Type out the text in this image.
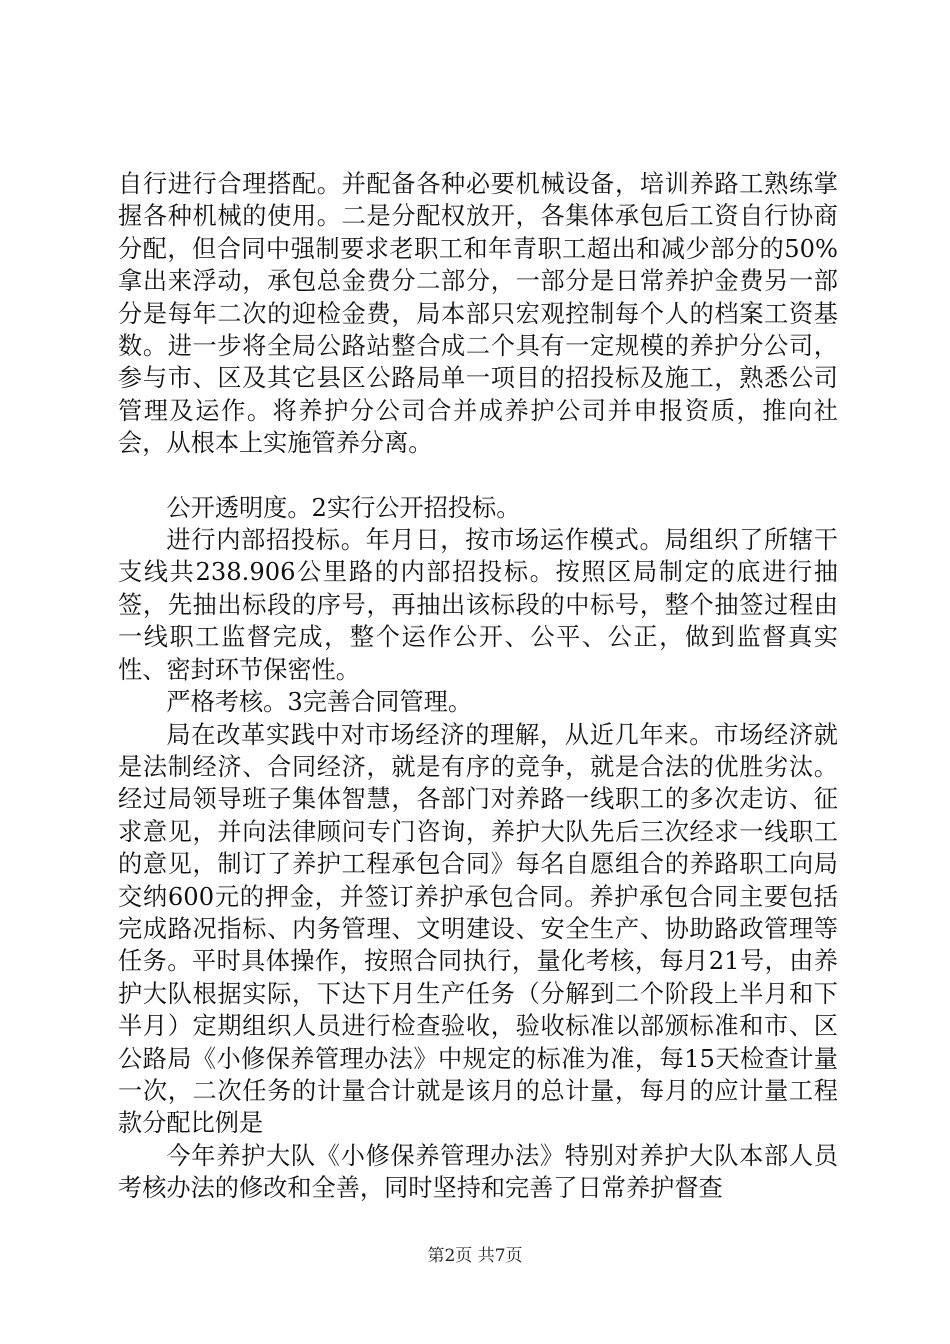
自行进行合理搭配。并配备各种必要机械设备，培训养路工熟练掌握各种机械的使用。二是分配权放开，各集体承包后工资自行协商分配，但合同中强制要求老职工和年青职工超出和减少部分的50%拿出来浮动，承包总金费分二部分，一部分是日常养护金费另一部分是每年二次的迎检金费，局本部只宏观控制每个人的档案工资基数。进一步将全局公路站整合成二个具有一定规模的养护分公司，参与市、区及其它县区公路局单一项目的招投标及施工，熟悉公司管理及运作。将养护分公司合并成养护公司并申报资质，推向社会，从根本上实施管养分离。

公开透明度。2实行公开招投标。

进行内部招投标。年月日，按市场运作模式。局组织了所辖干支线共238.906公里路的内部招投标。按照区局制定的底进行抽签，先抽出标段的序号，再抽出该标段的中标号，整个抽签过程由一线职工监督完成，整个运作公开、公平、公正，做到监督真实性、密封环节保密性。

严格考核。3完善合同管理。

局在改革实践中对市场经济的理解，从近几年来。市场经济就是法制经济、合同经济，就是有序的竞争，就是合法的优胜劣汰。经过局领导班子集体智慧，各部门对养路一线职工的多次走访、征求意见，并向法律顾问专门咨询，养护大队先后三次经求一线职工的意见，制订了养护工程承包合同》每名自愿组合的养路职工向局交纳600元的押金，并签订养护承包合同。养护承包合同主要包括完成路况指标、内务管理、文明建设、安全生产、协助路政管理等任务。平时具体操作，按照合同执行，量化考核，每月21号，由养护大队根据实际，下达下月生产任务（分解到二个阶段上半月和下半月）定期组织人员进行检查验收，验收标准以部颁标准和市、区公路局《小修保养管理办法》中规定的标准为准，每15天检查计量一次，二次任务的计量合计就是该月的总计量，每月的应计量工程款分配比例是

今年养护大队《小修保养管理办法》特别对养护大队本部人员考核办法的修改和全善，同时坚持和完善了日常养护督查

第2页 共7页
